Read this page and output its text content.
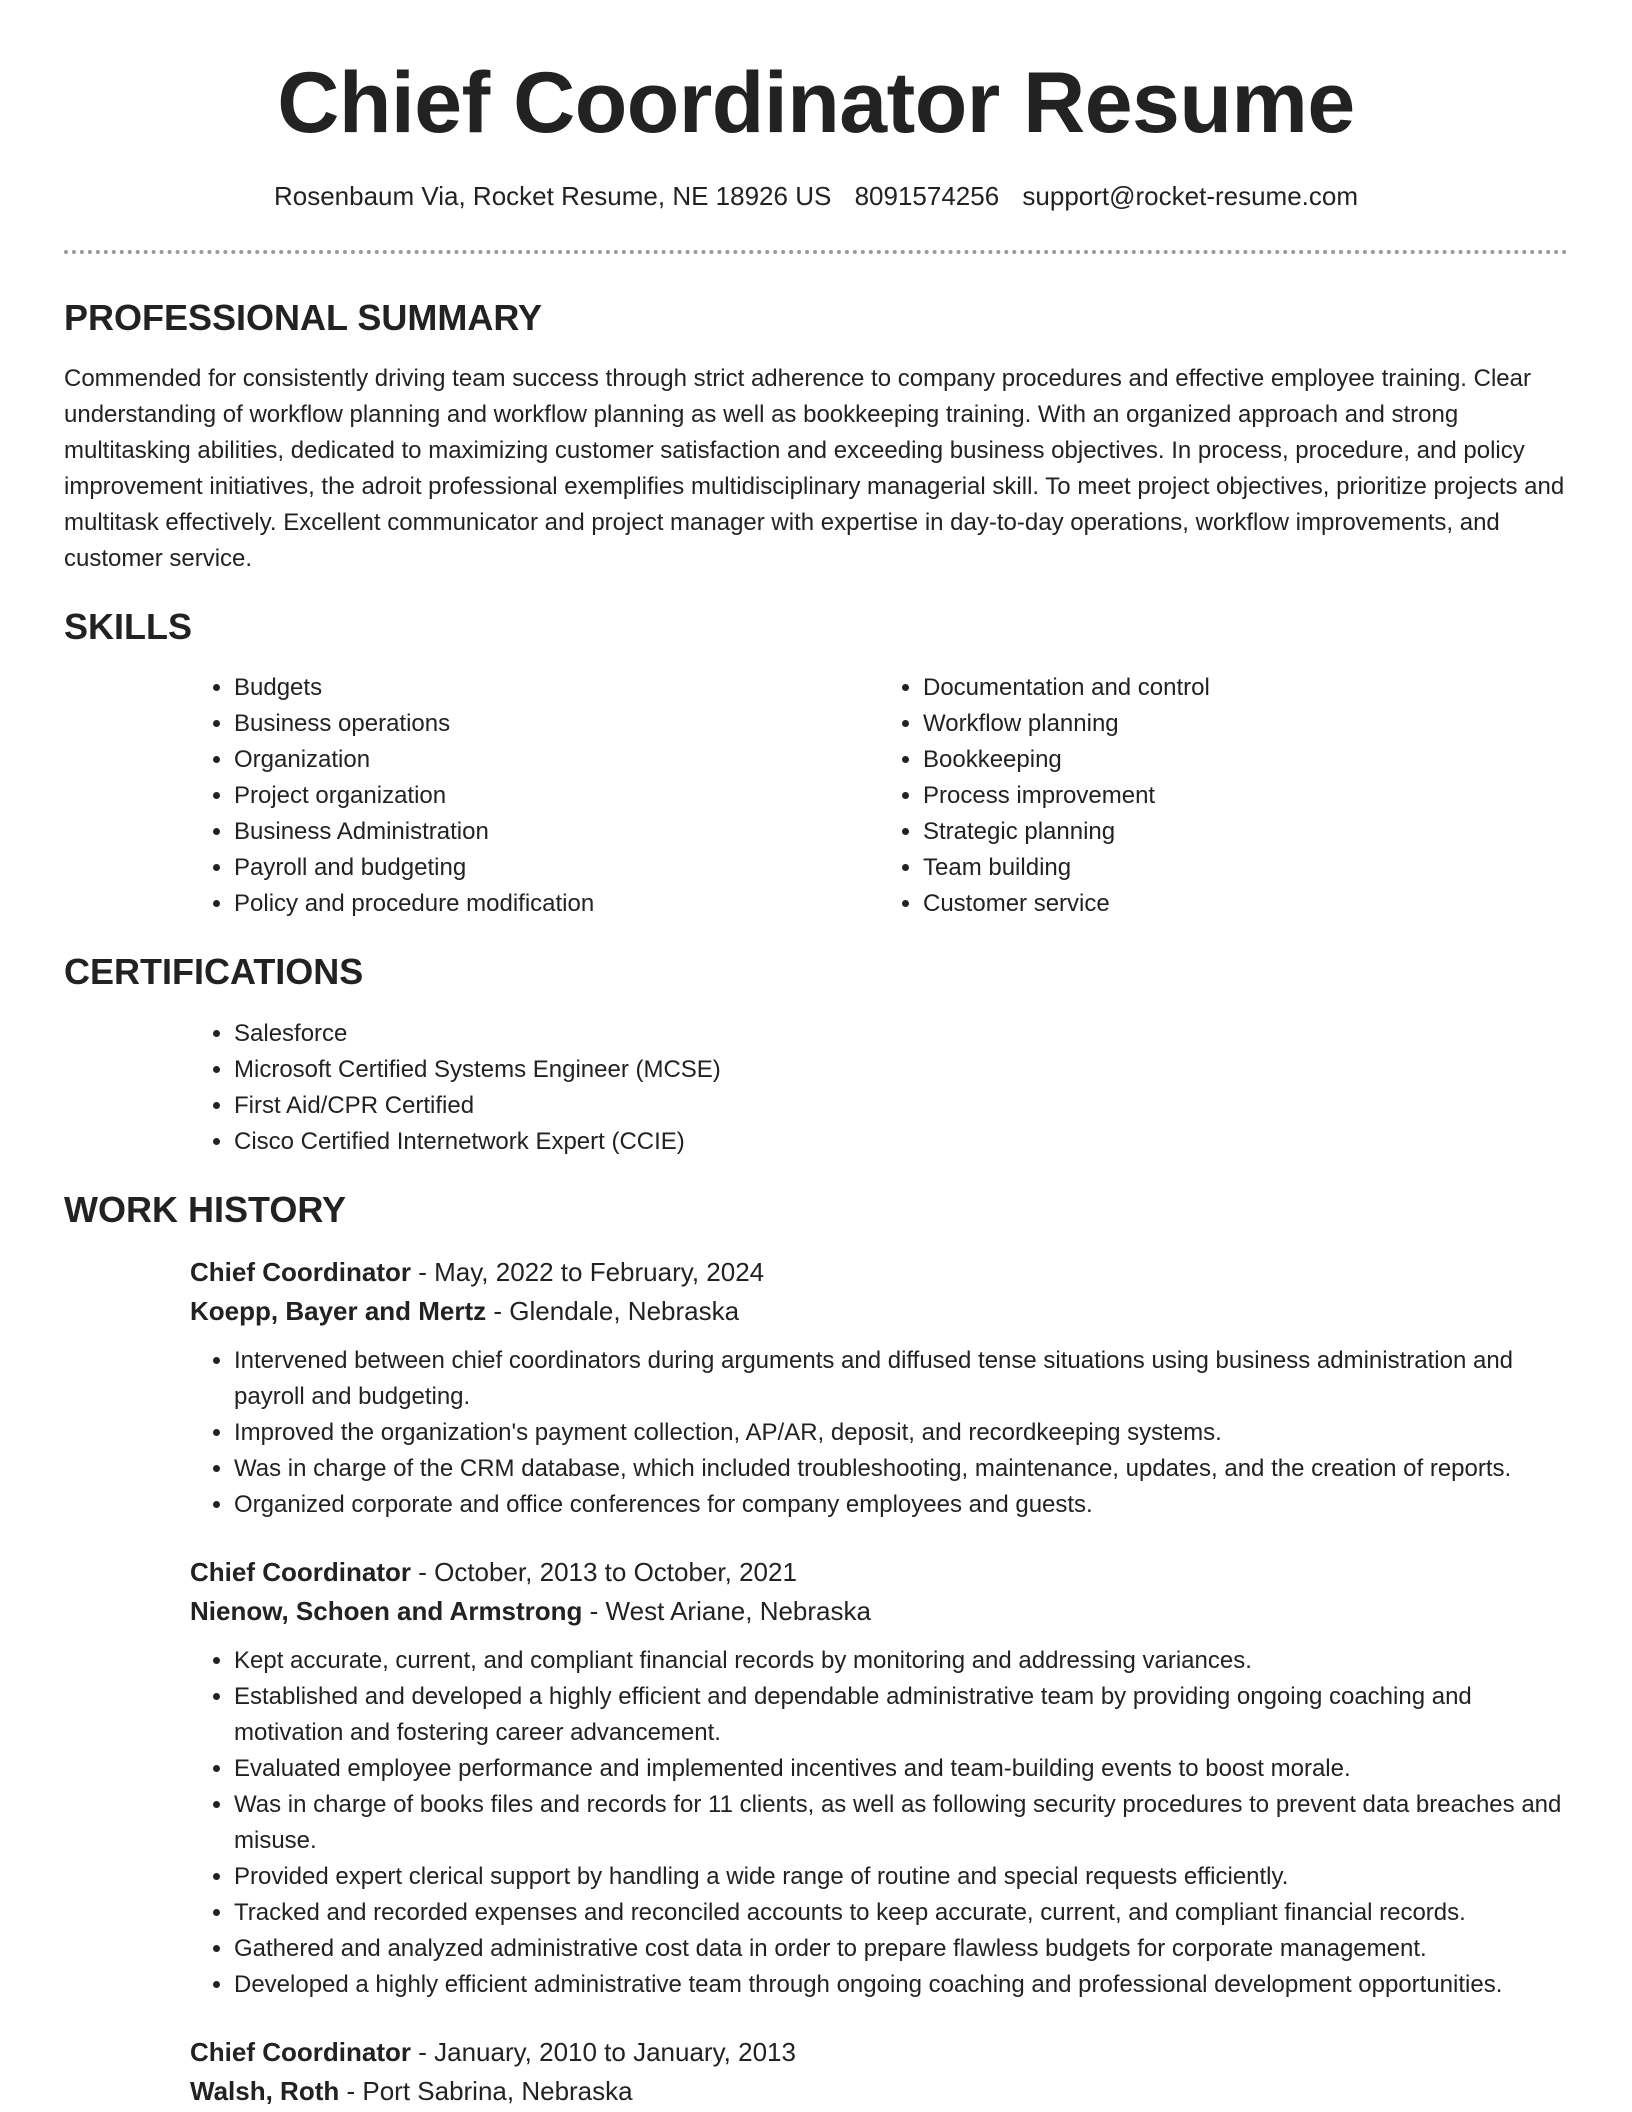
Chief Coordinator Resume
Rosenbaum Via, Rocket Resume, NE 18926 US 8091574256 support@rocket-resume.com
PROFESSIONAL SUMMARY

Commended for consistently driving team success through strict adherence to company procedures and effective employee training. Clear understanding of workflow planning and workflow planning as well as bookkeeping training. With an organized approach and strong multitasking abilities, dedicated to maximizing customer satisfaction and exceeding business objectives. In process, procedure, and policy improvement initiatives, the adroit professional exemplifies multidisciplinary managerial skill. To meet project objectives, prioritize projects and multitask effectively. Excellent communicator and project manager with expertise in day-to-day operations, workflow improvements, and customer service.

SKILLS
• Budgets
• Business operations
• Organization
• Project organization
• Business Administration
• Payroll and budgeting
• Policy and procedure modification
• Documentation and control
• Workflow planning
• Bookkeeping
• Process improvement
• Strategic planning
• Team building
• Customer service
CERTIFICATIONS
• Salesforce
• Microsoft Certified Systems Engineer (MCSE)
• First Aid/CPR Certified
• Cisco Certified Internetwork Expert (CCIE)
WORK HISTORY
Chief Coordinator - May, 2022 to February, 2024
Koepp, Bayer and Mertz - Glendale, Nebraska
• Intervened between chief coordinators during arguments and diffused tense situations using business administration and payroll and budgeting.
• Improved the organization's payment collection, AP/AR, deposit, and recordkeeping systems.
• Was in charge of the CRM database, which included troubleshooting, maintenance, updates, and the creation of reports.
• Organized corporate and office conferences for company employees and guests.
Chief Coordinator - October, 2013 to October, 2021
Nienow, Schoen and Armstrong - West Ariane, Nebraska
• Kept accurate, current, and compliant financial records by monitoring and addressing variances.
• Established and developed a highly efficient and dependable administrative team by providing ongoing coaching and motivation and fostering career advancement.
• Evaluated employee performance and implemented incentives and team-building events to boost morale.
• Was in charge of books files and records for 11 clients, as well as following security procedures to prevent data breaches and misuse.
• Provided expert clerical support by handling a wide range of routine and special requests efficiently.
• Tracked and recorded expenses and reconciled accounts to keep accurate, current, and compliant financial records.
• Gathered and analyzed administrative cost data in order to prepare flawless budgets for corporate management.
• Developed a highly efficient administrative team through ongoing coaching and professional development opportunities.
Chief Coordinator - January, 2010 to January, 2013
Walsh, Roth - Port Sabrina, Nebraska
